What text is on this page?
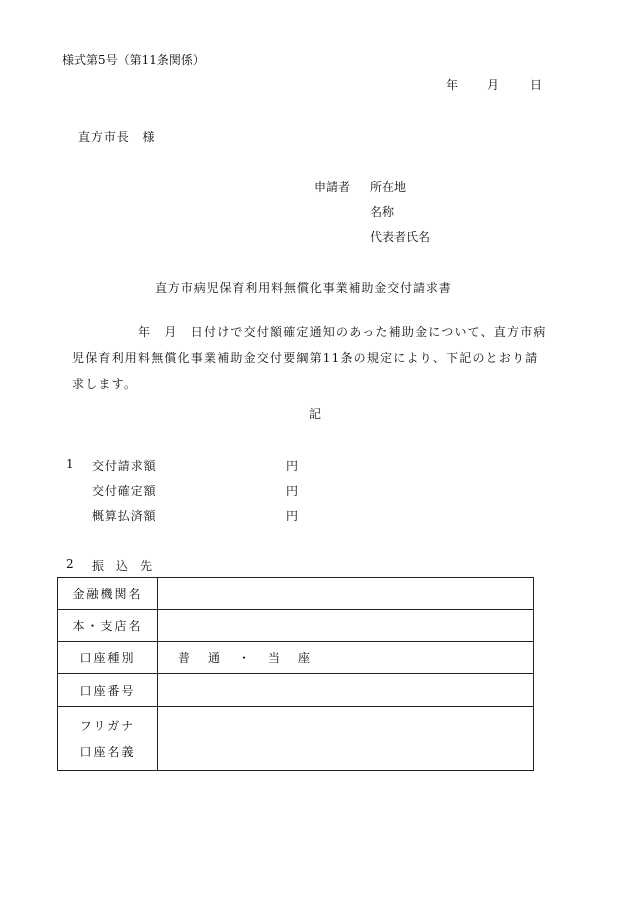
様式第5号（第11条関係）
年 月	日
直方市長　様
申請者 所在地
名称
代表者氏名
直方市病児保育利用料無償化事業補助金交付請求書
　　　　　年　月　日付けで交付額確定通知のあった補助金について、直方市病
児保育利用料無償化事業補助金交付要綱第11条の規定により、下記のとおり請
求します。
記
1 交付請求額	円
交付確定額	円
概算払済額	円
2 振　込　先
金融機関名	
本・支店名	
口座種別	普　通　・　当　座
口座番号	

フリガナ
口座名義	
